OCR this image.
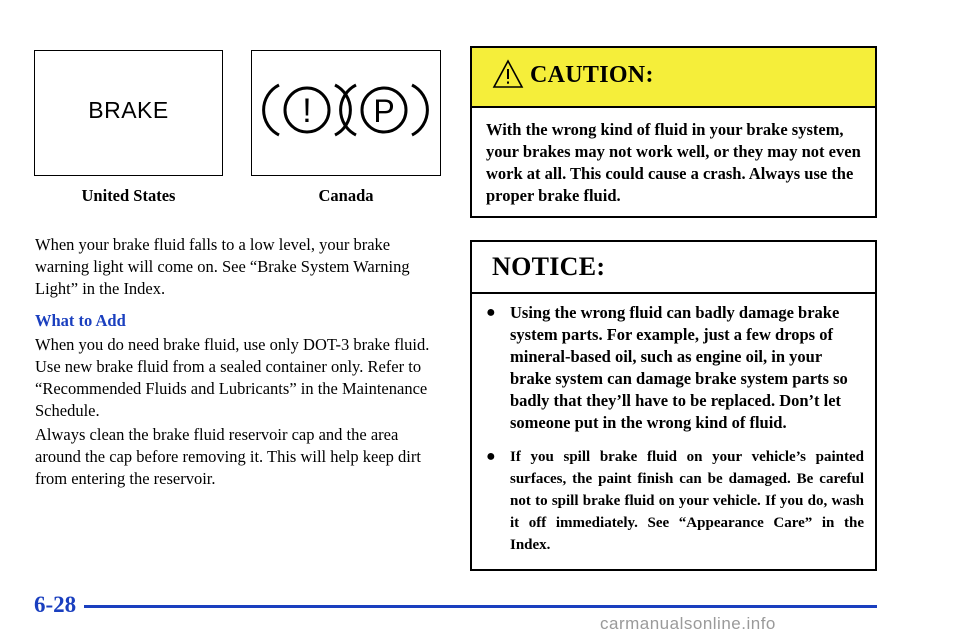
BRAKE
United States
! P
Canada
When your brake fluid falls to a low level, your brake warning light will come on. See “Brake System Warning Light” in the Index.
What to Add
When you do need brake fluid, use only DOT-3 brake fluid. Use new brake fluid from a sealed container only. Refer to “Recommended Fluids and Lubricants” in the Maintenance Schedule.
Always clean the brake fluid reservoir cap and the area around the cap before removing it. This will help keep dirt from entering the reservoir.
CAUTION:
With the wrong kind of fluid in your brake system, your brakes may not work well, or they may not even work at all. This could cause a crash. Always use the proper brake fluid.
NOTICE:
● Using the wrong fluid can badly damage brake system parts. For example, just a few drops of mineral-based oil, such as engine oil, in your brake system can damage brake system parts so badly that they’ll have to be replaced. Don’t let someone put in the wrong kind of fluid.
● If you spill brake fluid on your vehicle’s painted surfaces, the paint finish can be damaged. Be careful not to spill brake fluid on your vehicle. If you do, wash it off immediately. See “Appearance Care” in the Index.
6-28
carmanualsonline.info
